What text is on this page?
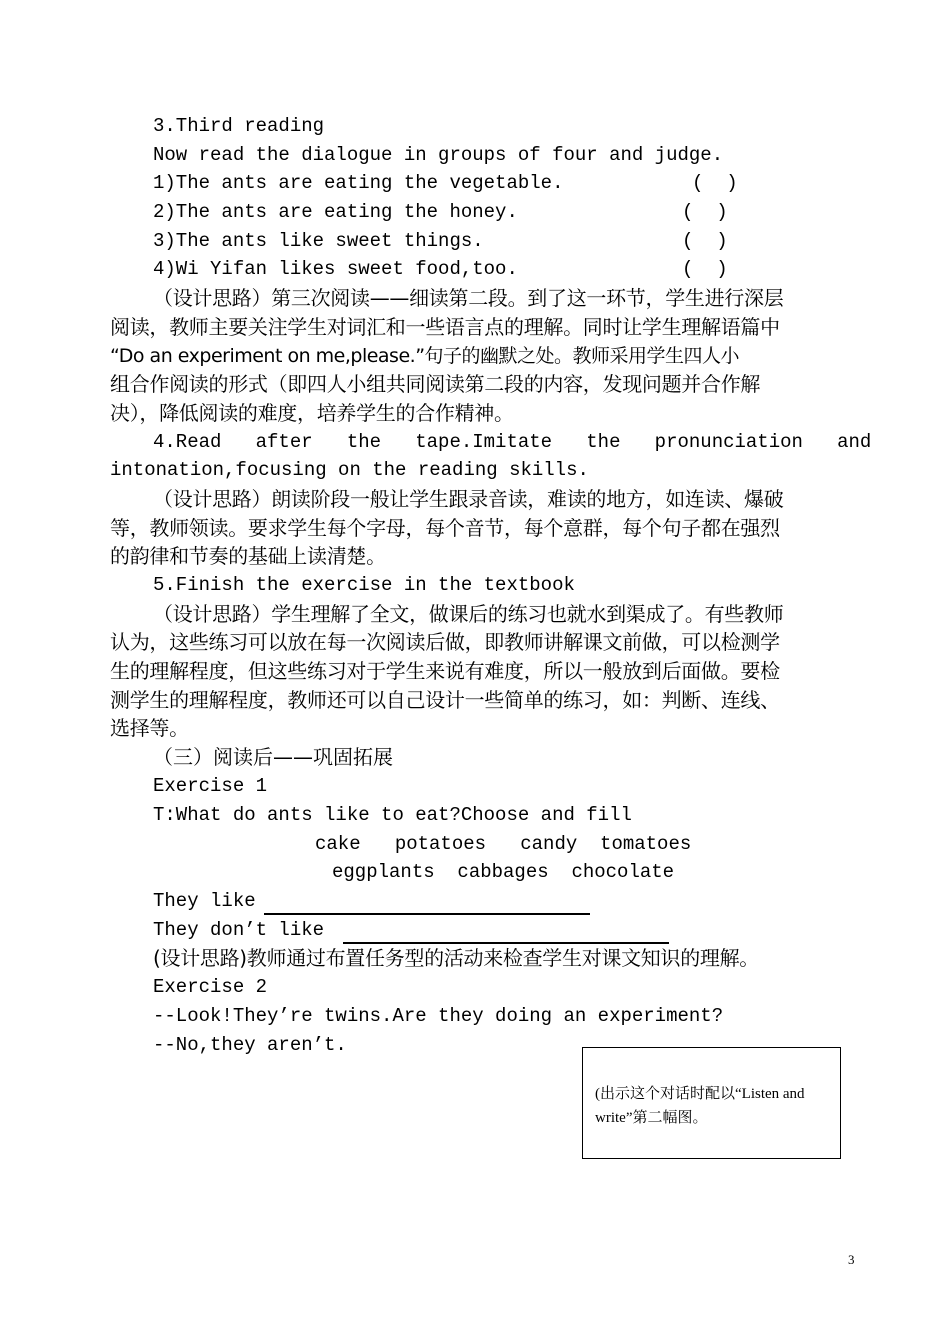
3.Third reading
Now read the dialogue in groups of four and judge.
1)The ants are eating the vegetable.	(  )
2)The ants are eating the honey.	(  )
3)The ants like sweet things.	(  )
4)Wi Yifan likes sweet food,too.	(  )
（设计思路）第三次阅读——细读第二段。到了这一环节，学生进行深层
阅读，教师主要关注学生对词汇和一些语言点的理解。同时让学生理解语篇中
“Do an experiment on me,please.”句子的幽默之处。教师采用学生四人小
组合作阅读的形式（即四人小组共同阅读第二段的内容，发现问题并合作解
决），降低阅读的难度，培养学生的合作精神。
4.Read   after   the   tape.Imitate   the   pronunciation   and
intonation,focusing on the reading skills.
（设计思路）朗读阶段一般让学生跟录音读，难读的地方，如连读、爆破
等，教师领读。要求学生每个字母，每个音节，每个意群，每个句子都在强烈
的韵律和节奏的基础上读清楚。
5.Finish the exercise in the textbook
（设计思路）学生理解了全文，做课后的练习也就水到渠成了。有些教师
认为，这些练习可以放在每一次阅读后做，即教师讲解课文前做，可以检测学
生的理解程度，但这些练习对于学生来说有难度，所以一般放到后面做。要检
测学生的理解程度，教师还可以自己设计一些简单的练习，如：判断、连线、
选择等。
（三）阅读后——巩固拓展
Exercise 1
T:What do ants like to eat?Choose and fill
cake   potatoes   candy  tomatoes
eggplants  cabbages  chocolate
They like
They don’t like
(设计思路)教师通过布置任务型的活动来检查学生对课文知识的理解。
Exercise 2
--Look!They’re twins.Are they doing an experiment?
--No,they aren’t.
(出示这个对话时配以“Listen and write”第二幅图。
3
